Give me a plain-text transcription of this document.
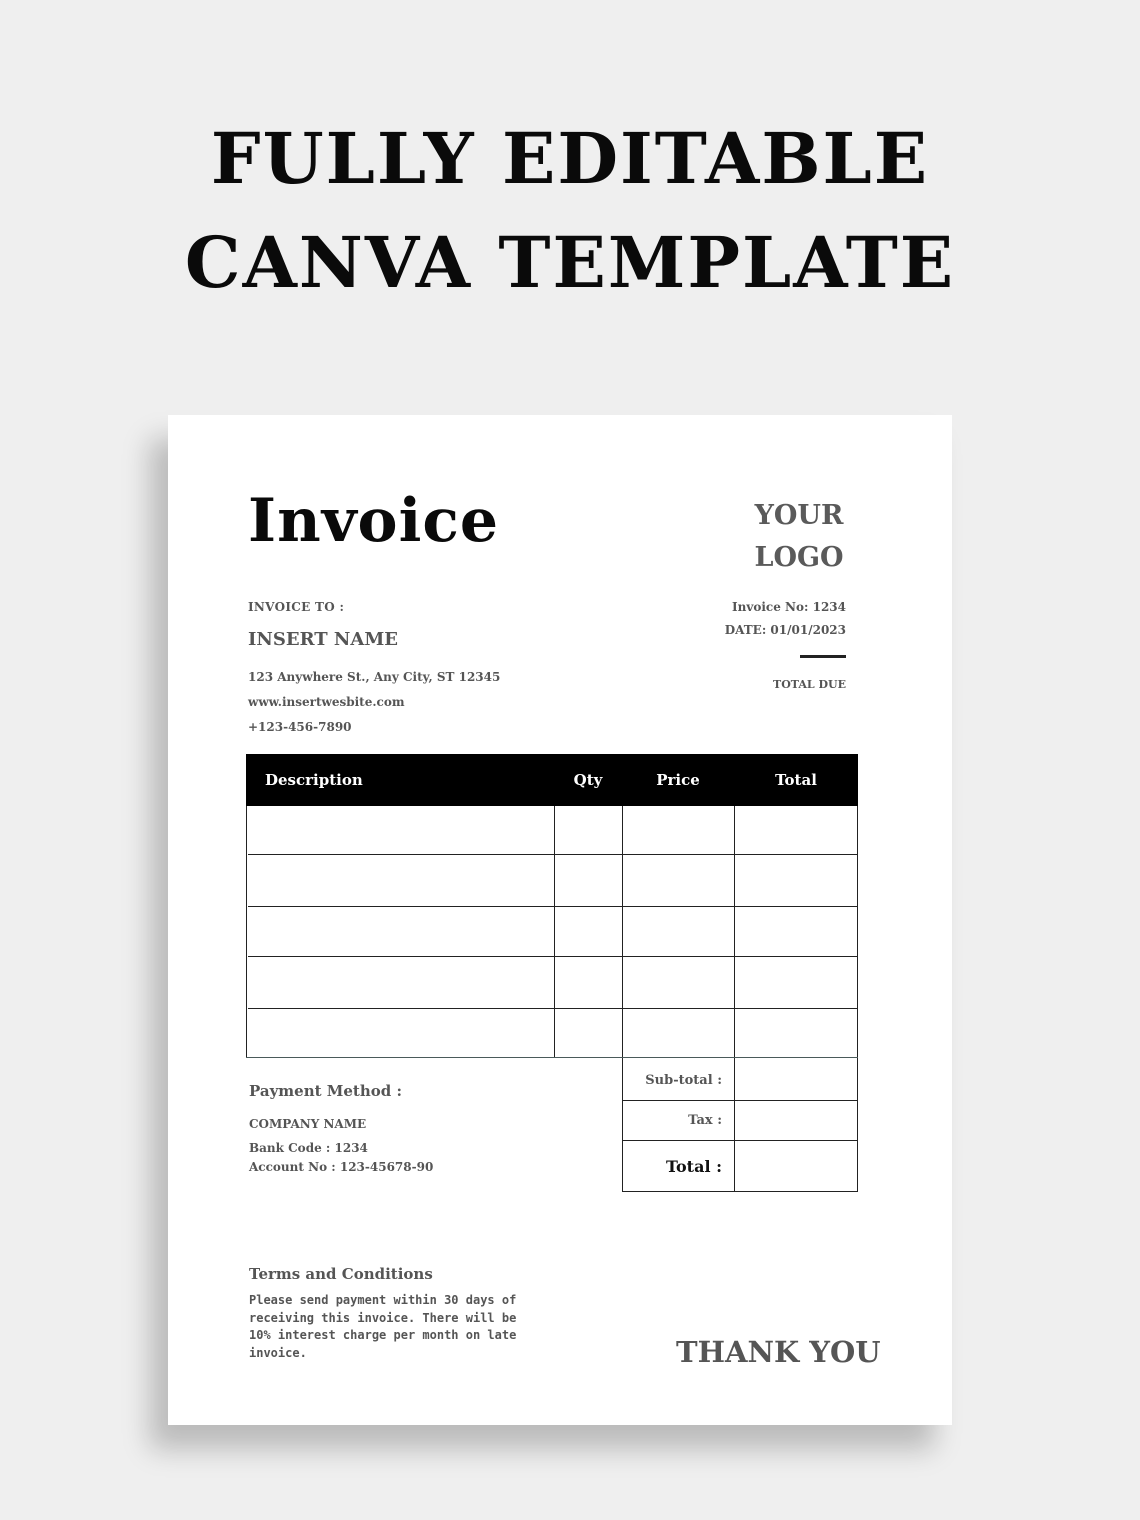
FULLY EDITABLE
CANVA TEMPLATE
Invoice	YOUR
LOGO
INVOICE TO :
INSERT NAME
123 Anywhere St., Any City, ST 12345
www.insertwesbite.com
+123-456-7890
Invoice No: 1234
DATE: 01/01/2023
TOTAL DUE
Description	Qty	Price	Total
Sub-total :
Tax :
Total :
Payment Method :
COMPANY NAME
Bank Code : 1234
Account No : 123-45678-90
Terms and Conditions
Please send payment within 30 days of receiving this invoice. There will be 10% interest charge per month on late invoice.	THANK YOU
